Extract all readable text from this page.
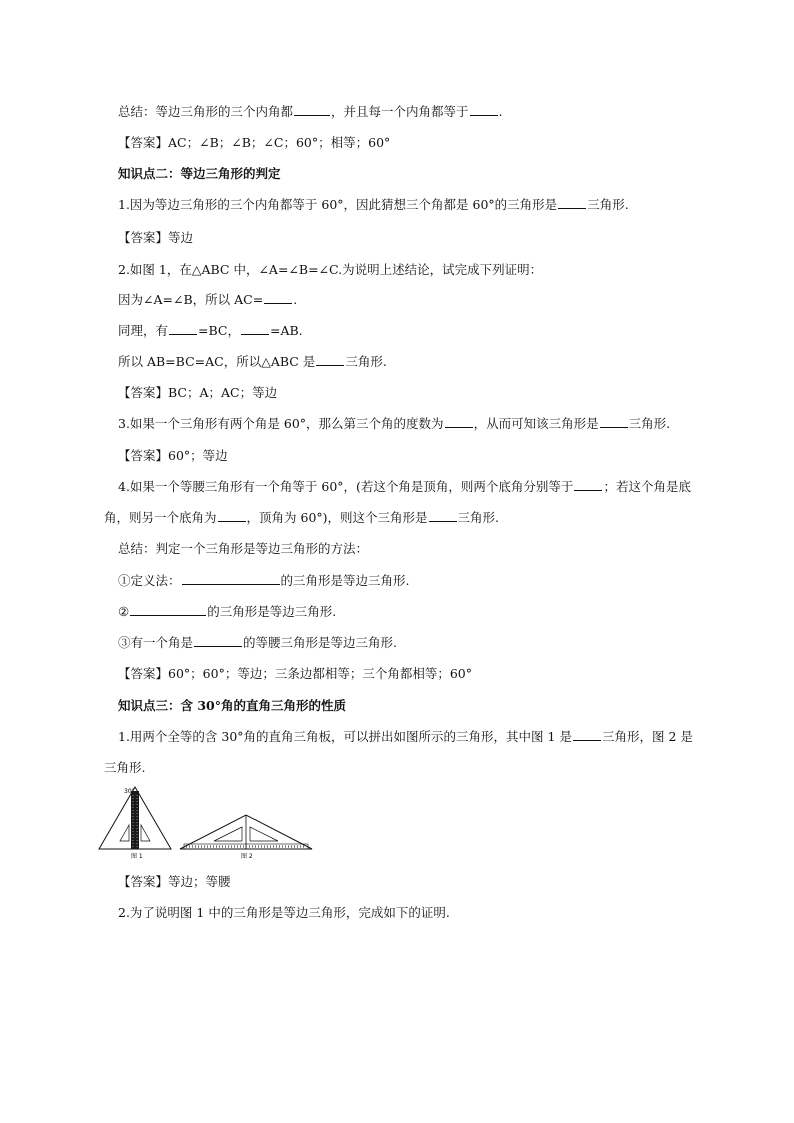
总结：等边三角形的三个内角都	，并且每一个内角都等于 .
【答案】AC；∠B；∠B；∠C；60°；相等；60°
知识点二：等边三角形的判定
1.因为等边三角形的三个内角都等于 60°，因此猜想三个角都是 60°的三角形是 三角形.
【答案】等边
2.如图 1，在△ABC 中，∠A=∠B=∠C.为说明上述结论，试完成下列证明：
因为∠A=∠B，所以 AC= .
同理，有 =BC， =AB.
所以 AB=BC=AC，所以△ABC 是 三角形.
【答案】BC；A；AC；等边
3.如果一个三角形有两个角是 60°，那么第三个角的度数为 ，从而可知该三角形是 三角形.
【答案】60°；等边
4.如果一个等腰三角形有一个角等于 60°，(若这个角是顶角，则两个底角分别等于 ；若这个角是底
角，则另一个底角为 ，顶角为 60°)，则这个三角形是 三角形.
总结：判定一个三角形是等边三角形的方法：
①定义法：	的三角形是等边三角形.
②	的三角形是等边三角形.
③有一个角是	的等腰三角形是等边三角形.
【答案】60°；60°；等边；三条边都相等；三个角都相等；60°
知识点三：含 30°角的直角三角形的性质
1.用两个全等的含 30°角的直角三角板，可以拼出如图所示的三角形，其中图 1 是 三角形，图 2 是
三角形.
30°
图 1	图 2
【答案】等边；等腰
2.为了说明图 1 中的三角形是等边三角形，完成如下的证明.
